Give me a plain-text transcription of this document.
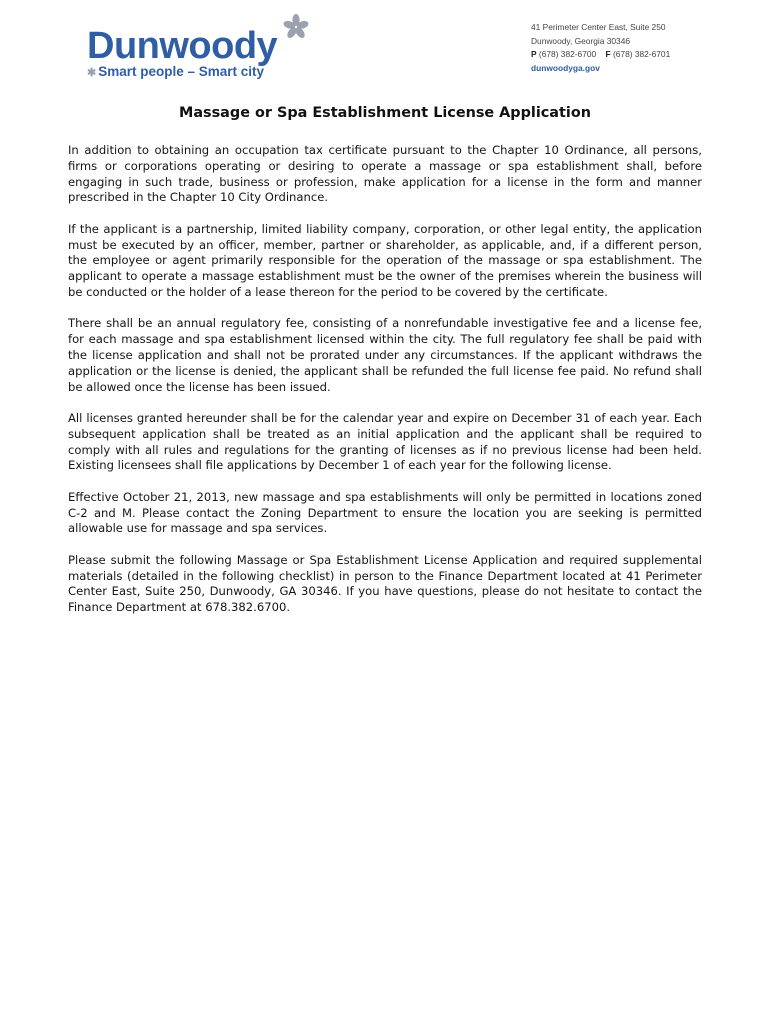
Dunwoody
✱ Smart people – Smart city
41 Perimeter Center East, Suite 250
Dunwoody, Georgia 30346
P (678) 382-6700 F (678) 382-6701
dunwoodyga.gov
Massage or Spa Establishment License Application

In addition to obtaining an occupation tax certificate pursuant to the Chapter 10 Ordinance, all persons, firms or corporations operating or desiring to operate a massage or spa establishment shall, before engaging in such trade, business or profession, make application for a license in the form and manner prescribed in the Chapter 10 City Ordinance.

If the applicant is a partnership, limited liability company, corporation, or other legal entity, the application must be executed by an officer, member, partner or shareholder, as applicable, and, if a different person, the employee or agent primarily responsible for the operation of the massage or spa establishment. The applicant to operate a massage establishment must be the owner of the premises wherein the business will be conducted or the holder of a lease thereon for the period to be covered by the certificate.

There shall be an annual regulatory fee, consisting of a nonrefundable investigative fee and a license fee, for each massage and spa establishment licensed within the city. The full regulatory fee shall be paid with the license application and shall not be prorated under any circumstances. If the applicant withdraws the application or the license is denied, the applicant shall be refunded the full license fee paid. No refund shall be allowed once the license has been issued.

All licenses granted hereunder shall be for the calendar year and expire on December 31 of each year. Each subsequent application shall be treated as an initial application and the applicant shall be required to comply with all rules and regulations for the granting of licenses as if no previous license had been held. Existing licensees shall file applications by December 1 of each year for the following license.

Effective October 21, 2013, new massage and spa establishments will only be permitted in locations zoned C-2 and M. Please contact the Zoning Department to ensure the location you are seeking is permitted allowable use for massage and spa services.

Please submit the following Massage or Spa Establishment License Application and required supplemental materials (detailed in the following checklist) in person to the Finance Department located at 41 Perimeter Center East, Suite 250, Dunwoody, GA 30346. If you have questions, please do not hesitate to contact the Finance Department at 678.382.6700.
